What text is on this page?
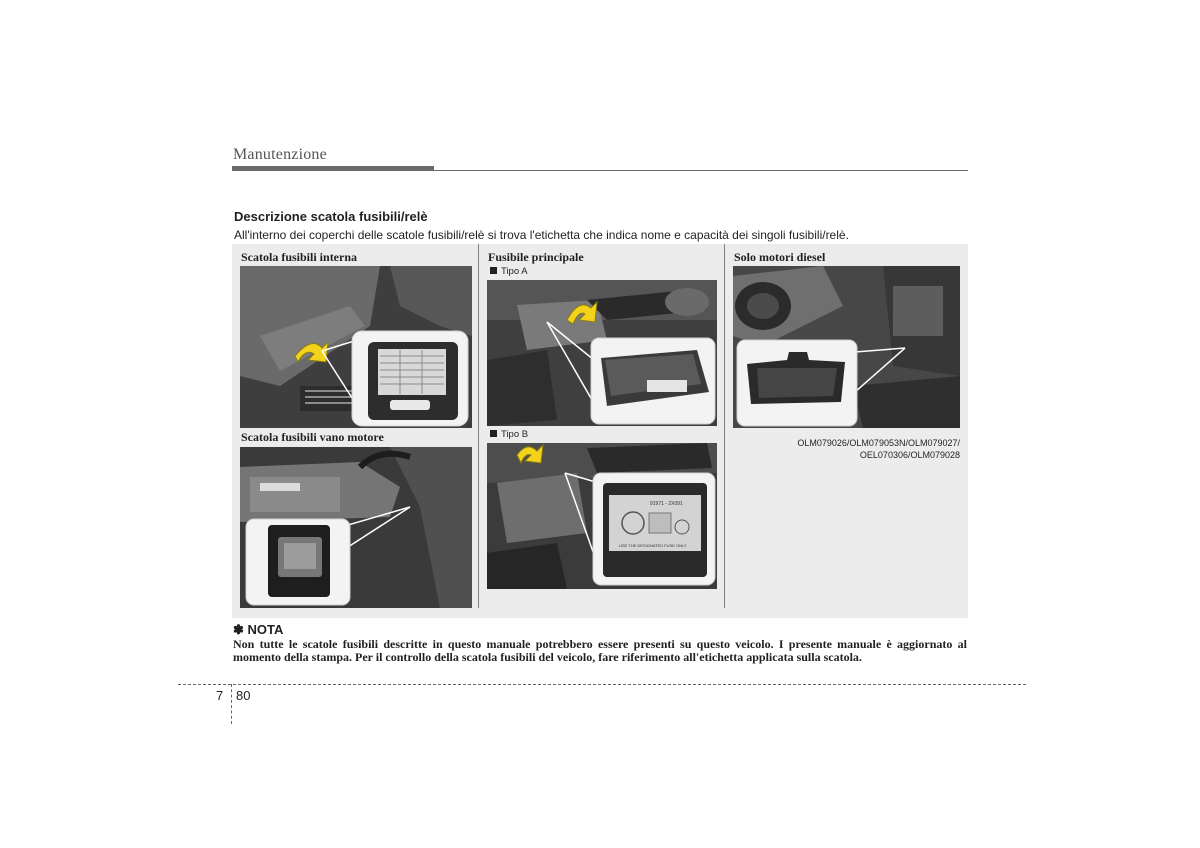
Manutenzione
Descrizione scatola fusibili/relè
All'interno dei coperchi delle scatole fusibili/relè si trova l'etichetta che indica nome e capacità dei singoli fusibili/relè.
Scatola fusibili interna
Scatola fusibili vano motore
Fusibile principale
Tipo A
Tipo B
91971 - 2X091
USE THE DESIGNATED FUSE ONLY
Solo motori diesel
OLM079026/OLM079053N/OLM079027/
OEL070306/OLM079028
✽ NOTA
Non tutte le scatole fusibili descritte in questo manuale potrebbero essere presenti su questo veicolo. I presente manuale è aggiornato al momento della stampa. Per il controllo della scatola fusibili del veicolo, fare riferimento all'etichetta applicata sulla scatola.
7 80
